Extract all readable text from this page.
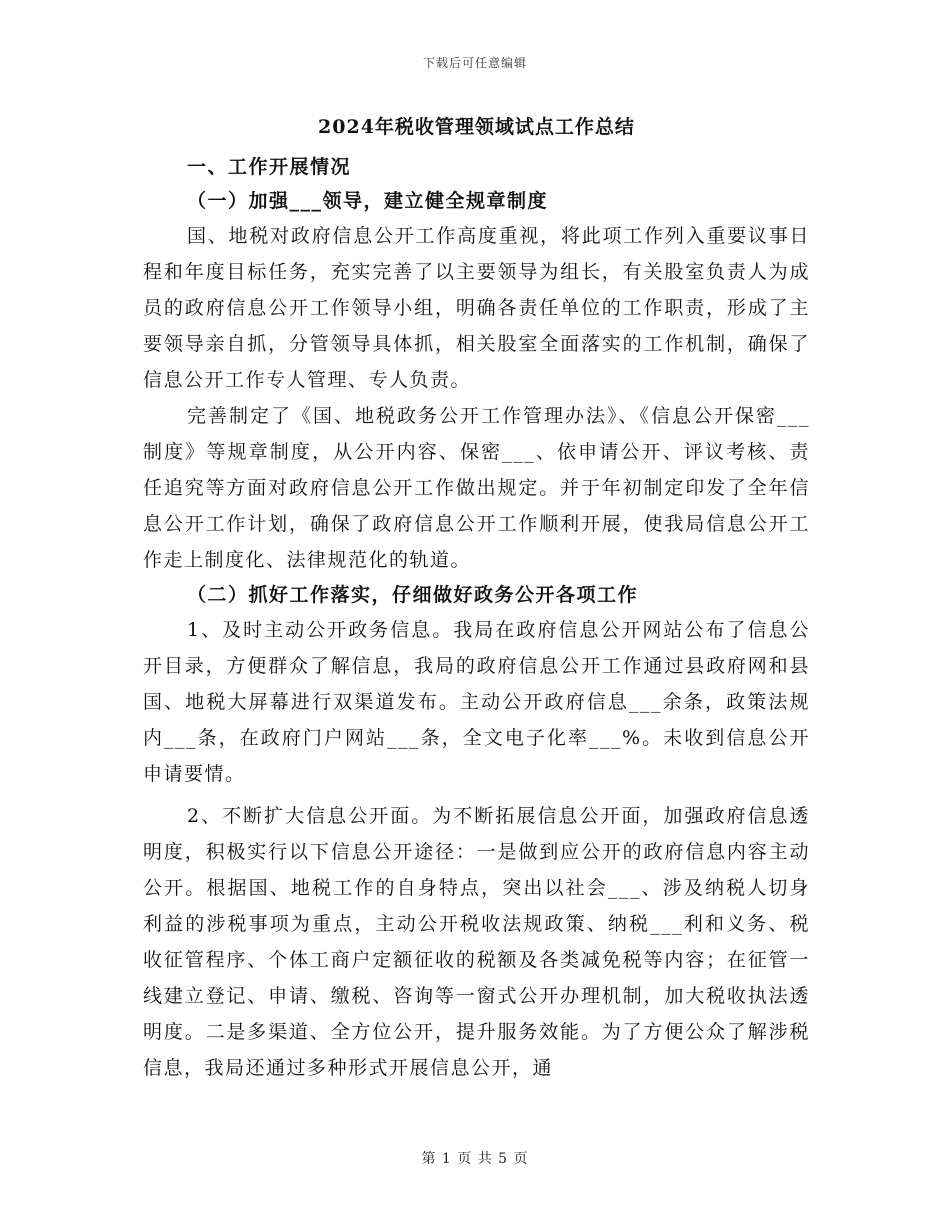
下载后可任意编辑
2024年税收管理领域试点工作总结

一、工作开展情况

（一）加强___领导，建立健全规章制度

国、地税对政府信息公开工作高度重视，将此项工作列入重要议事日程和年度目标任务，充实完善了以主要领导为组长，有关股室负责人为成员的政府信息公开工作领导小组，明确各责任单位的工作职责，形成了主要领导亲自抓，分管领导具体抓，相关股室全面落实的工作机制，确保了信息公开工作专人管理、专人负责。

完善制定了《国、地税政务公开工作管理办法》、《信息公开保密___制度》等规章制度，从公开内容、保密___、依申请公开、评议考核、责任追究等方面对政府信息公开工作做出规定。并于年初制定印发了全年信息公开工作计划，确保了政府信息公开工作顺利开展，使我局信息公开工作走上制度化、法律规范化的轨道。

（二）抓好工作落实，仔细做好政务公开各项工作

1、及时主动公开政务信息。我局在政府信息公开网站公布了信息公开目录，方便群众了解信息，我局的政府信息公开工作通过县政府网和县国、地税大屏幕进行双渠道发布。主动公开政府信息___余条，政策法规内___条，在政府门户网站___条，全文电子化率___%。未收到信息公开申请要情。

2、不断扩大信息公开面。为不断拓展信息公开面，加强政府信息透明度，积极实行以下信息公开途径：一是做到应公开的政府信息内容主动公开。根据国、地税工作的自身特点，突出以社会___、涉及纳税人切身利益的涉税事项为重点，主动公开税收法规政策、纳税___利和义务、税收征管程序、个体工商户定额征收的税额及各类减免税等内容；在征管一线建立登记、申请、缴税、咨询等一窗式公开办理机制，加大税收执法透明度。二是多渠道、全方位公开，提升服务效能。为了方便公众了解涉税信息，我局还通过多种形式开展信息公开，通

第 1 页 共 5 页
